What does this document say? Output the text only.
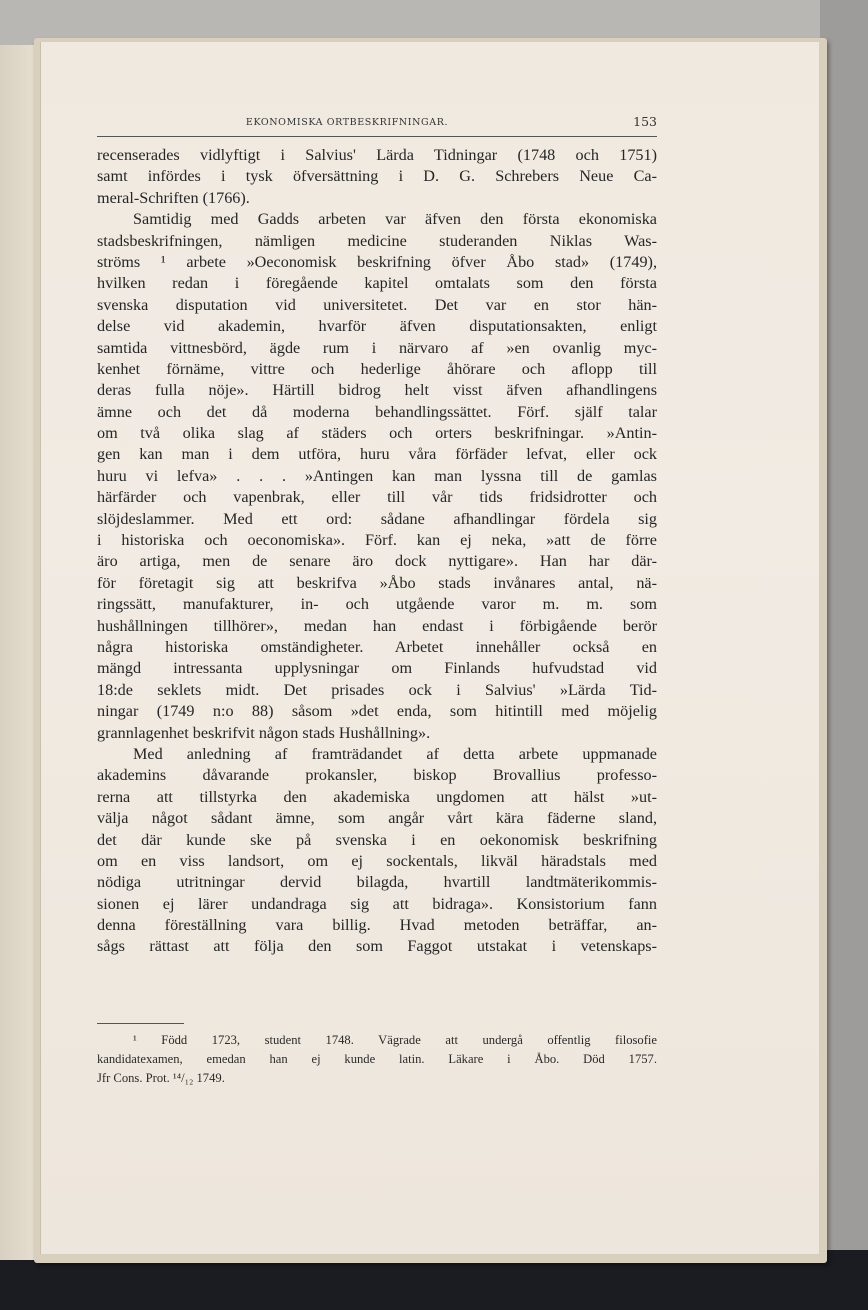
EKONOMISKA ORTBESKRIFNINGAR.	153
recenserades vidlyftigt i Salvius' Lärda Tidningar (1748 och 1751)
samt infördes i tysk öfversättning i D. G. Schrebers Neue Ca-
meral-Schriften (1766).
Samtidig med Gadds arbeten var äfven den första ekonomiska
stadsbeskrifningen, nämligen medicine studeranden Niklas Was-
ströms ¹ arbete »Oeconomisk beskrifning öfver Åbo stad» (1749),
hvilken redan i föregående kapitel omtalats som den första
svenska disputation vid universitetet. Det var en stor hän-
delse vid akademin, hvarför äfven disputationsakten, enligt
samtida vittnesbörd, ägde rum i närvaro af »en ovanlig myc-
kenhet förnäme, vittre och hederlige åhörare och aflopp till
deras fulla nöje». Härtill bidrog helt visst äfven afhandlingens
ämne och det då moderna behandlingssättet. Förf. själf talar
om två olika slag af städers och orters beskrifningar. »Antin-
gen kan man i dem utföra, huru våra förfäder lefvat, eller ock
huru vi lefva» . . . »Antingen kan man lyssna till de gamlas
härfärder och vapenbrak, eller till vår tids fridsidrotter och
slöjdeslammer. Med ett ord: sådane afhandlingar fördela sig
i historiska och oeconomiska». Förf. kan ej neka, »att de förre
äro artiga, men de senare äro dock nyttigare». Han har där-
för företagit sig att beskrifva »Åbo stads invånares antal, nä-
ringssätt, manufakturer, in- och utgående varor m. m. som
hushållningen tillhörer», medan han endast i förbigående berör
några historiska omständigheter. Arbetet innehåller också en
mängd intressanta upplysningar om Finlands hufvudstad vid
18:de seklets midt. Det prisades ock i Salvius' »Lärda Tid-
ningar (1749 n:o 88) såsom »det enda, som hitintill med möjelig
grannlagenhet beskrifvit någon stads Hushållning».
Med anledning af framträdandet af detta arbete uppmanade
akademins dåvarande prokansler, biskop Brovallius professo-
rerna att tillstyrka den akademiska ungdomen att hälst »ut-
välja något sådant ämne, som angår vårt kära fäderne sland,
det där kunde ske på svenska i en oekonomisk beskrifning
om en viss landsort, om ej sockentals, likväl häradstals med
nödiga utritningar dervid bilagda, hvartill landtmäterikommis-
sionen ej lärer undandraga sig att bidraga». Konsistorium fann
denna föreställning vara billig. Hvad metoden beträffar, an-
sågs rättast att följa den som Faggot utstakat i vetenskaps-
¹ Född 1723, student 1748. Vägrade att undergå offentlig filosofie
kandidatexamen, emedan han ej kunde latin. Läkare i Åbo. Död 1757.
Jfr Cons. Prot. ¹⁴/₁₂ 1749.
